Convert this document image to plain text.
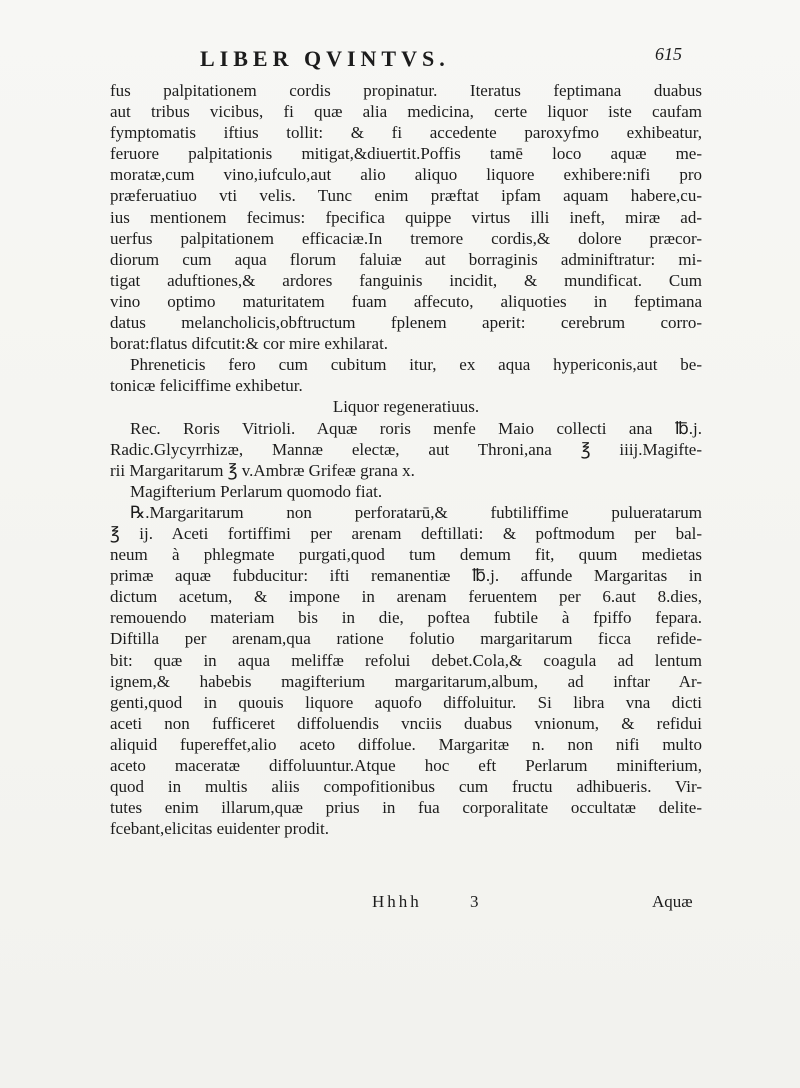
LIBER QVINTVS.	615
fus palpitationem cordis propinatur. Iteratus feptimana duabus
aut tribus vicibus, fi quæ alia medicina, certe liquor iste caufam
fymptomatis iftius tollit: & fi accedente paroxyfmo exhibeatur,
feruore palpitationis mitigat,&diuertit.Poffis tamē loco aquæ me-
moratæ,cum vino,iufculo,aut alio aliquo liquore exhibere:nifi pro
præferuatiuo vti velis. Tunc enim præftat ipfam aquam habere,cu-
ius mentionem fecimus: fpecifica quippe virtus illi ineft, miræ ad-
uerfus palpitationem efficaciæ.In tremore cordis,& dolore præcor-
diorum cum aqua florum faluiæ aut borraginis adminiftratur: mi-
tigat aduftiones,& ardores fanguinis incidit, & mundificat. Cum
vino optimo maturitatem fuam affecuto, aliquoties in feptimana
datus melancholicis,obftructum fplenem aperit: cerebrum corro-
borat:flatus difcutit:& cor mire exhilarat.
Phreneticis fero cum cubitum itur, ex aqua hypericonis,aut be-
tonicæ feliciffime exhibetur.
Liquor regeneratiuus.
Rec. Roris Vitrioli. Aquæ roris menfe Maio collecti ana ℔.j.
Radic.Glycyrrhizæ, Mannæ electæ, aut Throni,ana ℥ iiij.Magifte-
rii Margaritarum ℥ v.Ambræ Grifeæ grana x.
Magifterium Perlarum quomodo fiat.
℞.Margaritarum non perforatarū,& fubtiliffime pulueratarum
℥ ij. Aceti fortiffimi per arenam deftillati: & poftmodum per bal-
neum à phlegmate purgati,quod tum demum fit, quum medietas
primæ aquæ fubducitur: ifti remanentiæ ℔.j. affunde Margaritas in
dictum acetum, & impone in arenam feruentem per 6.aut 8.dies,
remouendo materiam bis in die, poftea fubtile à fpiffo fepara.
Diftilla per arenam,qua ratione folutio margaritarum ficca refide-
bit: quæ in aqua meliffæ refolui debet.Cola,& coagula ad lentum
ignem,& habebis magifterium margaritarum,album, ad inftar Ar-
genti,quod in quouis liquore aquofo diffoluitur. Si libra vna dicti
aceti non fufficeret diffoluendis vnciis duabus vnionum, & refidui
aliquid fupereffet,alio aceto diffolue. Margaritæ n. non nifi multo
aceto maceratæ diffoluuntur.Atque hoc eft Perlarum minifterium,
quod in multis aliis compofitionibus cum fructu adhibueris. Vir-
tutes enim illarum,quæ prius in fua corporalitate occultatæ delite-
fcebant,elicitas euidenter prodit.
Hhhh	3	Aquæ
